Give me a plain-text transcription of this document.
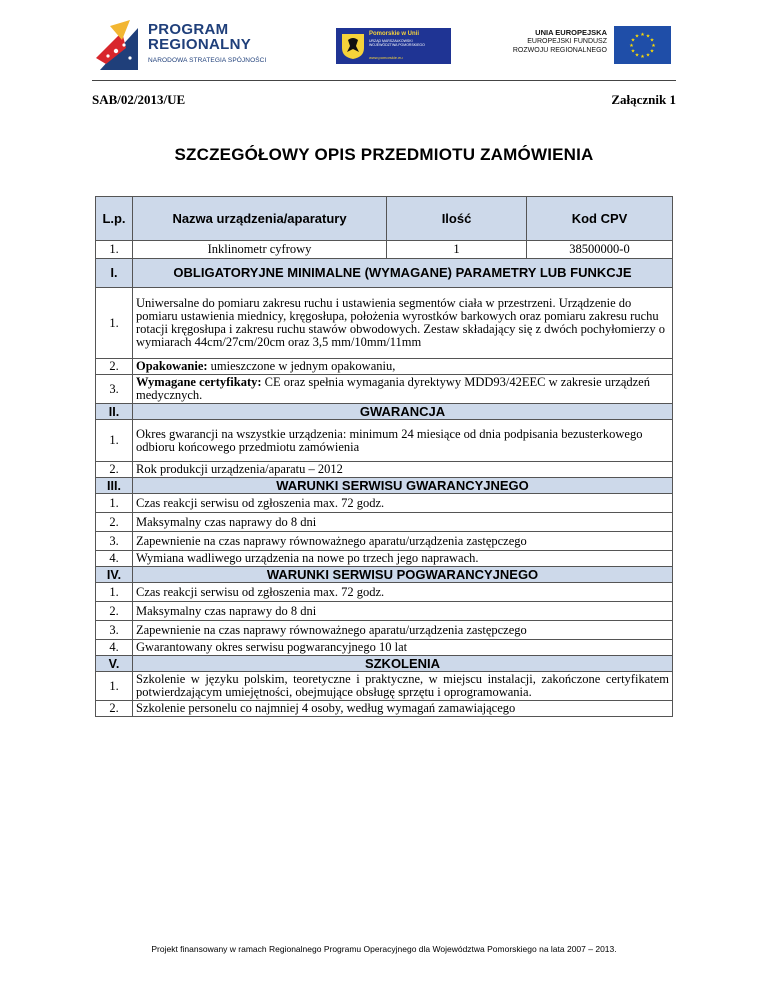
PROGRAM
REGIONALNY
NARODOWA STRATEGIA SPÓJNOŚCI
Pomorskie w Unii
URZĄD MARSZAŁKOWSKI
WOJEWÓDZTWA POMORSKIEGO
www.pomorskie.eu
UNIA EUROPEJSKA
EUROPEJSKI FUNDUSZ
ROZWOJU REGIONALNEGO
★ ★
★
★
★
★
★
★
★
★
★
★
SAB/02/2013/UE	Załącznik 1
SZCZEGÓŁOWY OPIS PRZEDMIOTU ZAMÓWIENIA
L.p.	Nazwa urządzenia/aparatury	Ilość	Kod CPV
1.	Inklinometr cyfrowy	1	38500000-0
I.	OBLIGATORYJNE MINIMALNE (WYMAGANE) PARAMETRY LUB FUNKCJE		
1.	Uniwersalne do pomiaru zakresu ruchu i ustawienia segmentów ciała w przestrzeni. Urządzenie do pomiaru ustawienia miednicy, kręgosłupa, położenia wyrostków barkowych oraz pomiaru zakresu ruchu rotacji kręgosłupa i zakresu ruchu stawów obwodowych. Zestaw składający się z dwóch pochyłomierzy o wymiarach 44cm/27cm/20cm oraz 3,5 mm/10mm/11mm		
2.	Opakowanie: umieszczone w jednym opakowaniu,		
3.	Wymagane certyfikaty: CE oraz spełnia wymagania dyrektywy MDD93/42EEC w zakresie urządzeń medycznych.		
II.	GWARANCJA		
1.	Okres gwarancji na wszystkie urządzenia: minimum 24 miesiące od dnia podpisania bezusterkowego odbioru końcowego przedmiotu zamówienia		
2.	Rok produkcji urządzenia/aparatu – 2012		
III.	WARUNKI SERWISU GWARANCYJNEGO		
1.	Czas reakcji serwisu od zgłoszenia max. 72 godz.		
2.	Maksymalny czas naprawy do 8 dni		
3.	Zapewnienie na czas naprawy równoważnego aparatu/urządzenia zastępczego		
4.	Wymiana wadliwego urządzenia na nowe po trzech jego naprawach.		
IV.	WARUNKI SERWISU POGWARANCYJNEGO		
1.	Czas reakcji serwisu od zgłoszenia max. 72 godz.		
2.	Maksymalny czas naprawy do 8 dni		
3.	Zapewnienie na czas naprawy równoważnego aparatu/urządzenia zastępczego		
4.	Gwarantowany okres serwisu pogwarancyjnego 10 lat		
V.	SZKOLENIA		
1.	Szkolenie w języku polskim, teoretyczne i praktyczne, w miejscu instalacji, zakończone certyfikatem potwierdzającym umiejętności, obejmujące obsługę sprzętu i oprogramowania.		
2.	Szkolenie personelu co najmniej 4 osoby, według wymagań zamawiającego		
Projekt finansowany w ramach Regionalnego Programu Operacyjnego dla Województwa Pomorskiego na lata 2007 – 2013.
